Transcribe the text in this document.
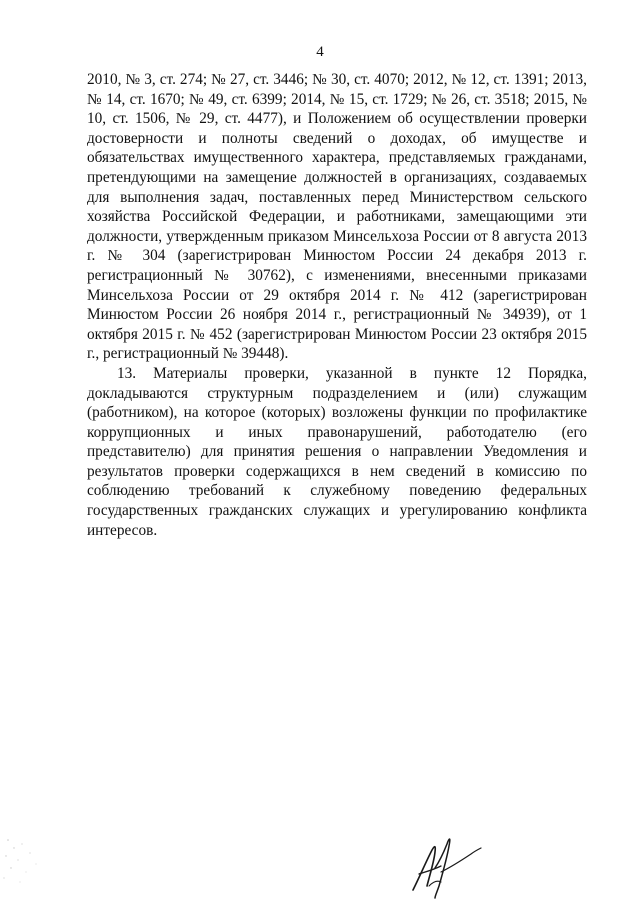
4

2010, № 3, ст. 274; № 27, ст. 3446; № 30, ст. 4070; 2012, № 12, ст. 1391; 2013, № 14, ст. 1670; № 49, ст. 6399; 2014, № 15, ст. 1729; № 26, ст. 3518; 2015, № 10, ст. 1506, № 29, ст. 4477), и Положением об осуществлении проверки достоверности и полноты сведений о доходах, об имуществе и обязательствах имущественного характера, представляемых гражданами, претендующими на замещение должностей в организациях, создаваемых для выполнения задач, поставленных перед Министерством сельского хозяйства Российской Федерации, и работниками, замещающими эти должности, утвержденным приказом Минсельхоза России от 8 августа 2013 г. № 304 (зарегистрирован Минюстом России 24 декабря 2013 г. регистрационный № 30762), с изменениями, внесенными приказами Минсельхоза России от 29 октября 2014 г. № 412 (зарегистрирован Минюстом России 26 ноября 2014 г., регистрационный № 34939), от 1 октября 2015 г. № 452 (зарегистрирован Минюстом России 23 октября 2015 г., регистрационный № 39448).

13. Материалы проверки, указанной в пункте 12 Порядка, докладываются структурным подразделением и (или) служащим (работником), на которое (которых) возложены функции по профилактике коррупционных и иных правонарушений, работодателю (его представителю) для принятия решения о направлении Уведомления и результатов проверки содержащихся в нем сведений в комиссию по соблюдению требований к служебному поведению федеральных государственных гражданских служащих и урегулированию конфликта интересов.
